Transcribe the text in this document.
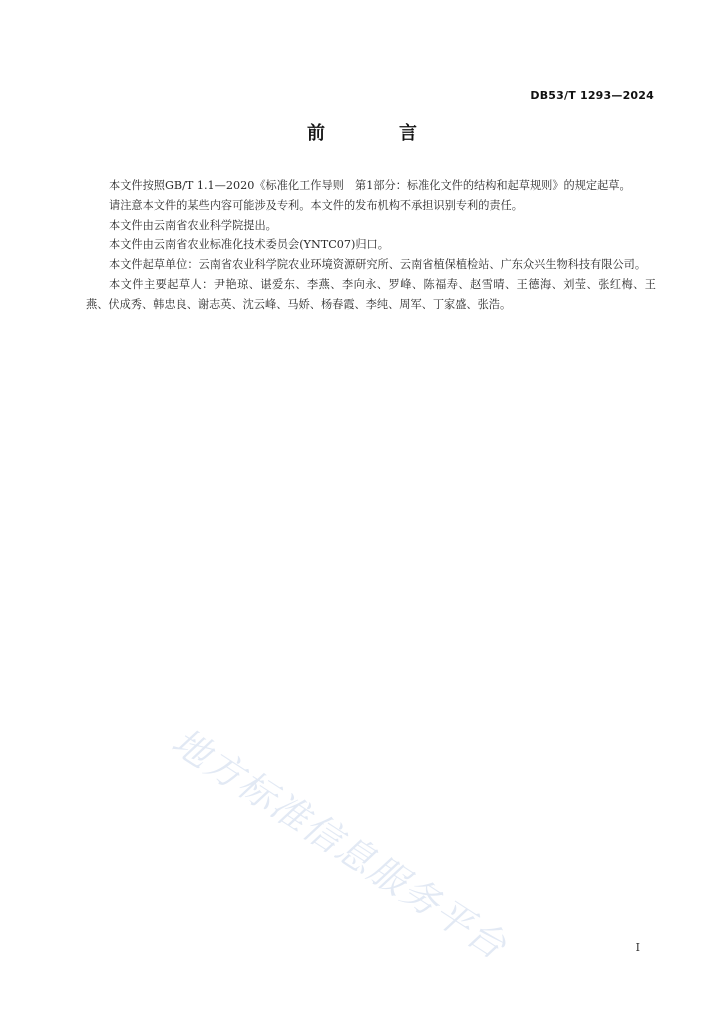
DB53/T 1293—2024
前　言

本文件按照GB/T 1.1—2020《标准化工作导则　第1部分：标准化文件的结构和起草规则》的规定起草。

请注意本文件的某些内容可能涉及专利。本文件的发布机构不承担识别专利的责任。

本文件由云南省农业科学院提出。

本文件由云南省农业标准化技术委员会(YNTC07)归口。

本文件起草单位：云南省农业科学院农业环境资源研究所、云南省植保植检站、广东众兴生物科技有限公司。

本文件主要起草人：尹艳琼、谌爱东、李燕、李向永、罗峰、陈福寿、赵雪晴、王德海、刘莹、张红梅、王燕、伏成秀、韩忠良、谢志英、沈云峰、马娇、杨春霞、李纯、周军、丁家盛、张浩。

地方标准信息服务平台	I
